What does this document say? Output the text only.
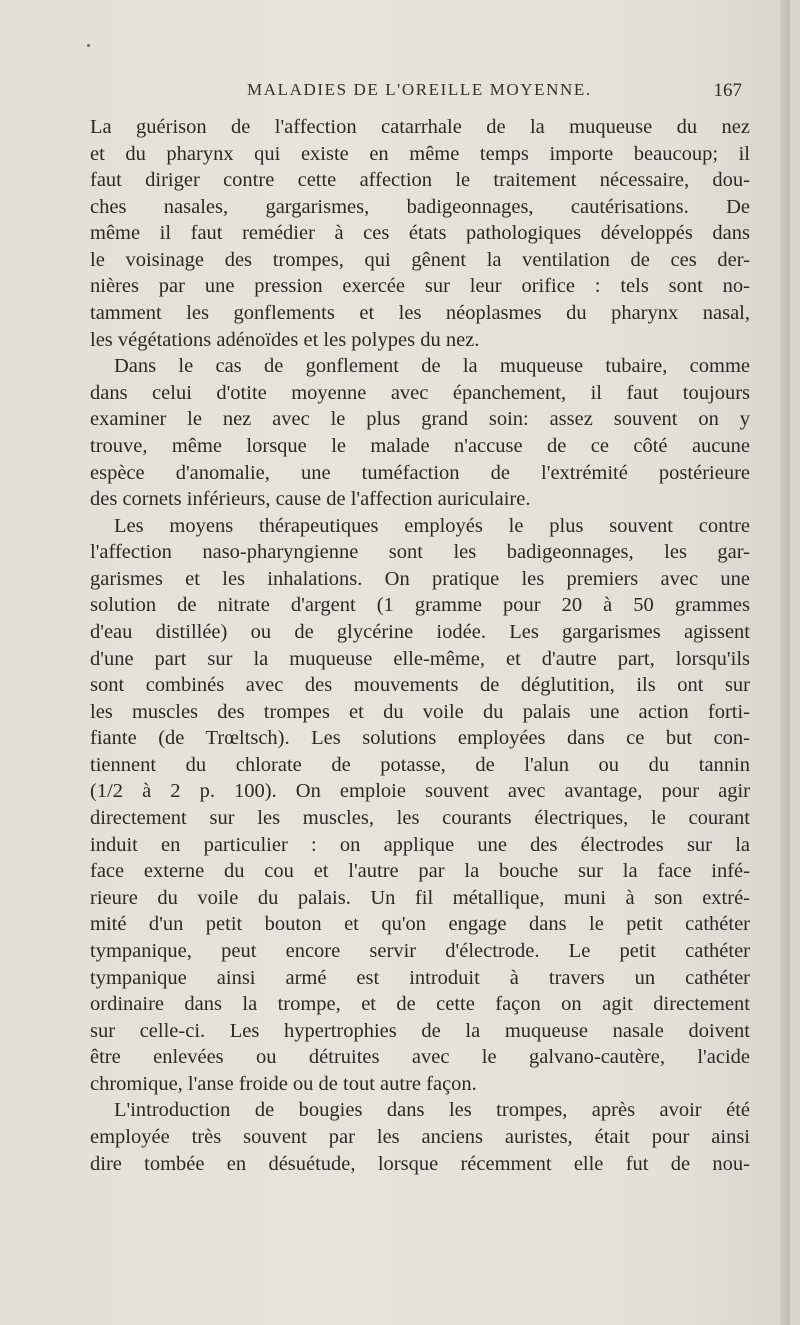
MALADIES DE L'OREILLE MOYENNE.	167
La guérison de l'affection catarrhale de la muqueuse du nez
et du pharynx qui existe en même temps importe beaucoup; il
faut diriger contre cette affection le traitement nécessaire, dou-
ches nasales, gargarismes, badigeonnages, cautérisations. De
même il faut remédier à ces états pathologiques développés dans
le voisinage des trompes, qui gênent la ventilation de ces der-
nières par une pression exercée sur leur orifice : tels sont no-
tamment les gonflements et les néoplasmes du pharynx nasal,
les végétations adénoïdes et les polypes du nez.
Dans le cas de gonflement de la muqueuse tubaire, comme
dans celui d'otite moyenne avec épanchement, il faut toujours
examiner le nez avec le plus grand soin: assez souvent on y
trouve, même lorsque le malade n'accuse de ce côté aucune
espèce d'anomalie, une tuméfaction de l'extrémité postérieure
des cornets inférieurs, cause de l'affection auriculaire.
Les moyens thérapeutiques employés le plus souvent contre
l'affection naso-pharyngienne sont les badigeonnages, les gar-
garismes et les inhalations. On pratique les premiers avec une
solution de nitrate d'argent (1 gramme pour 20 à 50 grammes
d'eau distillée) ou de glycérine iodée. Les gargarismes agissent
d'une part sur la muqueuse elle-même, et d'autre part, lorsqu'ils
sont combinés avec des mouvements de déglutition, ils ont sur
les muscles des trompes et du voile du palais une action forti-
fiante (de Trœltsch). Les solutions employées dans ce but con-
tiennent du chlorate de potasse, de l'alun ou du tannin
(1/2 à 2 p. 100). On emploie souvent avec avantage, pour agir
directement sur les muscles, les courants électriques, le courant
induit en particulier : on applique une des électrodes sur la
face externe du cou et l'autre par la bouche sur la face infé-
rieure du voile du palais. Un fil métallique, muni à son extré-
mité d'un petit bouton et qu'on engage dans le petit cathéter
tympanique, peut encore servir d'électrode. Le petit cathéter
tympanique ainsi armé est introduit à travers un cathéter
ordinaire dans la trompe, et de cette façon on agit directement
sur celle-ci. Les hypertrophies de la muqueuse nasale doivent
être enlevées ou détruites avec le galvano-cautère, l'acide
chromique, l'anse froide ou de tout autre façon.
L'introduction de bougies dans les trompes, après avoir été
employée très souvent par les anciens auristes, était pour ainsi
dire tombée en désuétude, lorsque récemment elle fut de nou-
